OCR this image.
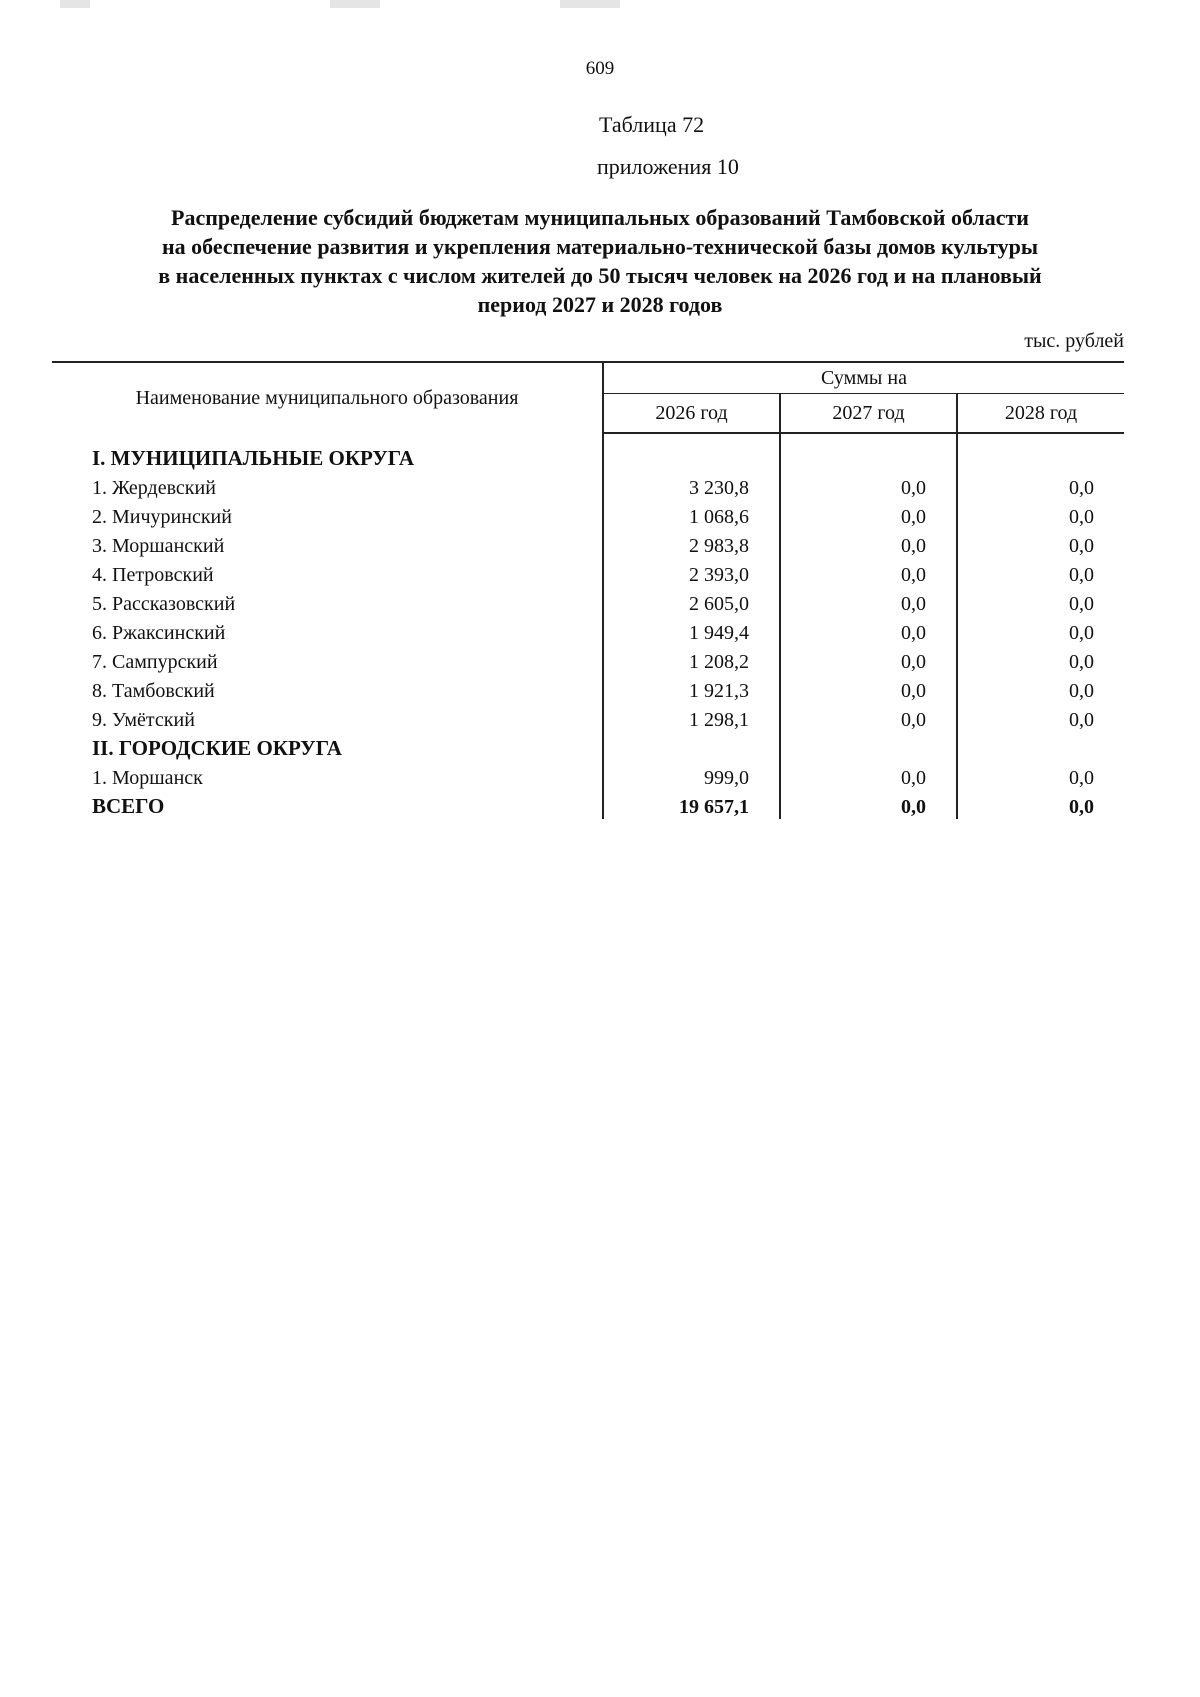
609
Таблица 72
приложения 10
Распределение субсидий бюджетам муниципальных образований Тамбовской области
на обеспечение развития и укрепления материально-технической базы домов культуры
в населенных пунктах с числом жителей до 50 тысяч человек на 2026 год и на плановый
период 2027 и 2028 годов
тыс. рублей
Наименование муниципального образования	Суммы на		
	2026 год	2027 год	2028 год
I. МУНИЦИПАЛЬНЫЕ ОКРУГА			
1. Жердевский	3 230,8	0,0	0,0
2. Мичуринский	1 068,6	0,0	0,0
3. Моршанский	2 983,8	0,0	0,0
4. Петровский	2 393,0	0,0	0,0
5. Рассказовский	2 605,0	0,0	0,0
6. Ржаксинский	1 949,4	0,0	0,0
7. Сампурский	1 208,2	0,0	0,0
8. Тамбовский	1 921,3	0,0	0,0
9. Умётский	1 298,1	0,0	0,0
II. ГОРОДСКИЕ ОКРУГА			
1. Моршанск	999,0	0,0	0,0
ВСЕГО	19 657,1	0,0	0,0
